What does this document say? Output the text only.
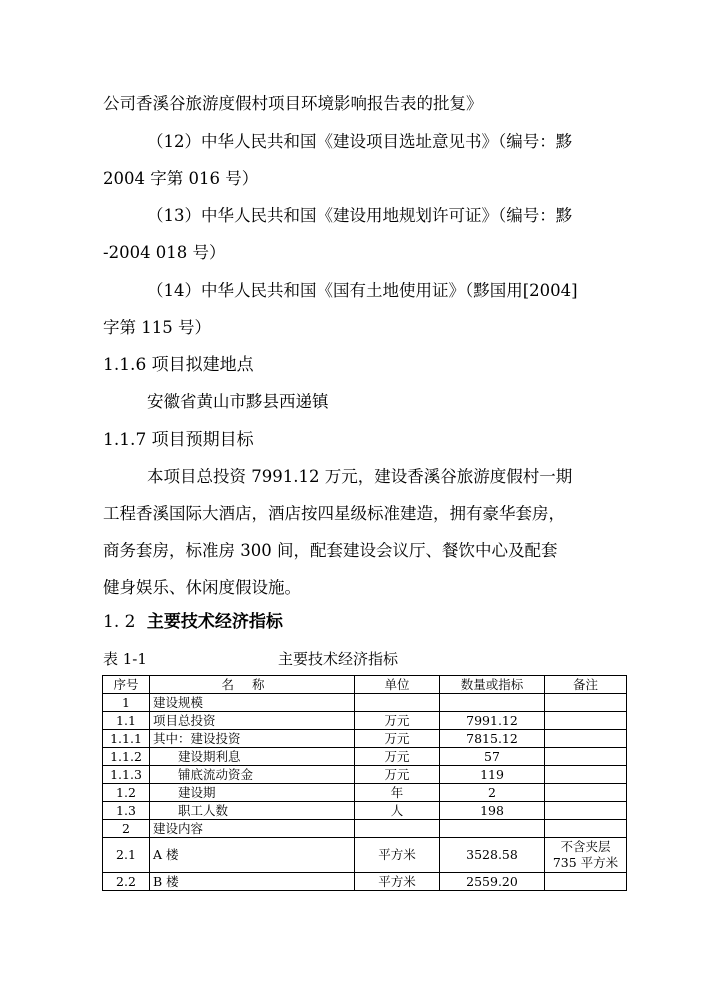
公司香溪谷旅游度假村项目环境影响报告表的批复》
（12）中华人民共和国《建设项目选址意见书》（编号：黟
2004 字第 016 号）
（13）中华人民共和国《建设用地规划许可证》（编号：黟
-2004 018 号）
（14）中华人民共和国《国有土地使用证》（黟国用[2004]
字第 115 号）
1.1.6 项目拟建地点
安徽省黄山市黟县西递镇
1.1.7 项目预期目标
本项目总投资 7991.12 万元，建设香溪谷旅游度假村一期
工程香溪国际大酒店，酒店按四星级标准建造，拥有豪华套房，
商务套房，标准房 300 间，配套建设会议厅、餐饮中心及配套
健身娱乐、休闲度假设施。
1. 2 主要技术经济指标
表 1-1	主要技术经济指标
序号	名称	单位	数量或指标	备注
1	建设规模			
1.1	项目总投资	万元	7991.12	
1.1.1	其中：建设投资	万元	7815.12	
1.1.2	建设期利息	万元	57	
1.1.3	铺底流动资金	万元	119	
1.2	建设期	年	2	
1.3	职工人数	人	198	
2	建设内容			
2.1	A 楼	平方米	3528.58	不含夹层
735 平方米

2.2	B 楼	平方米	2559.20	
